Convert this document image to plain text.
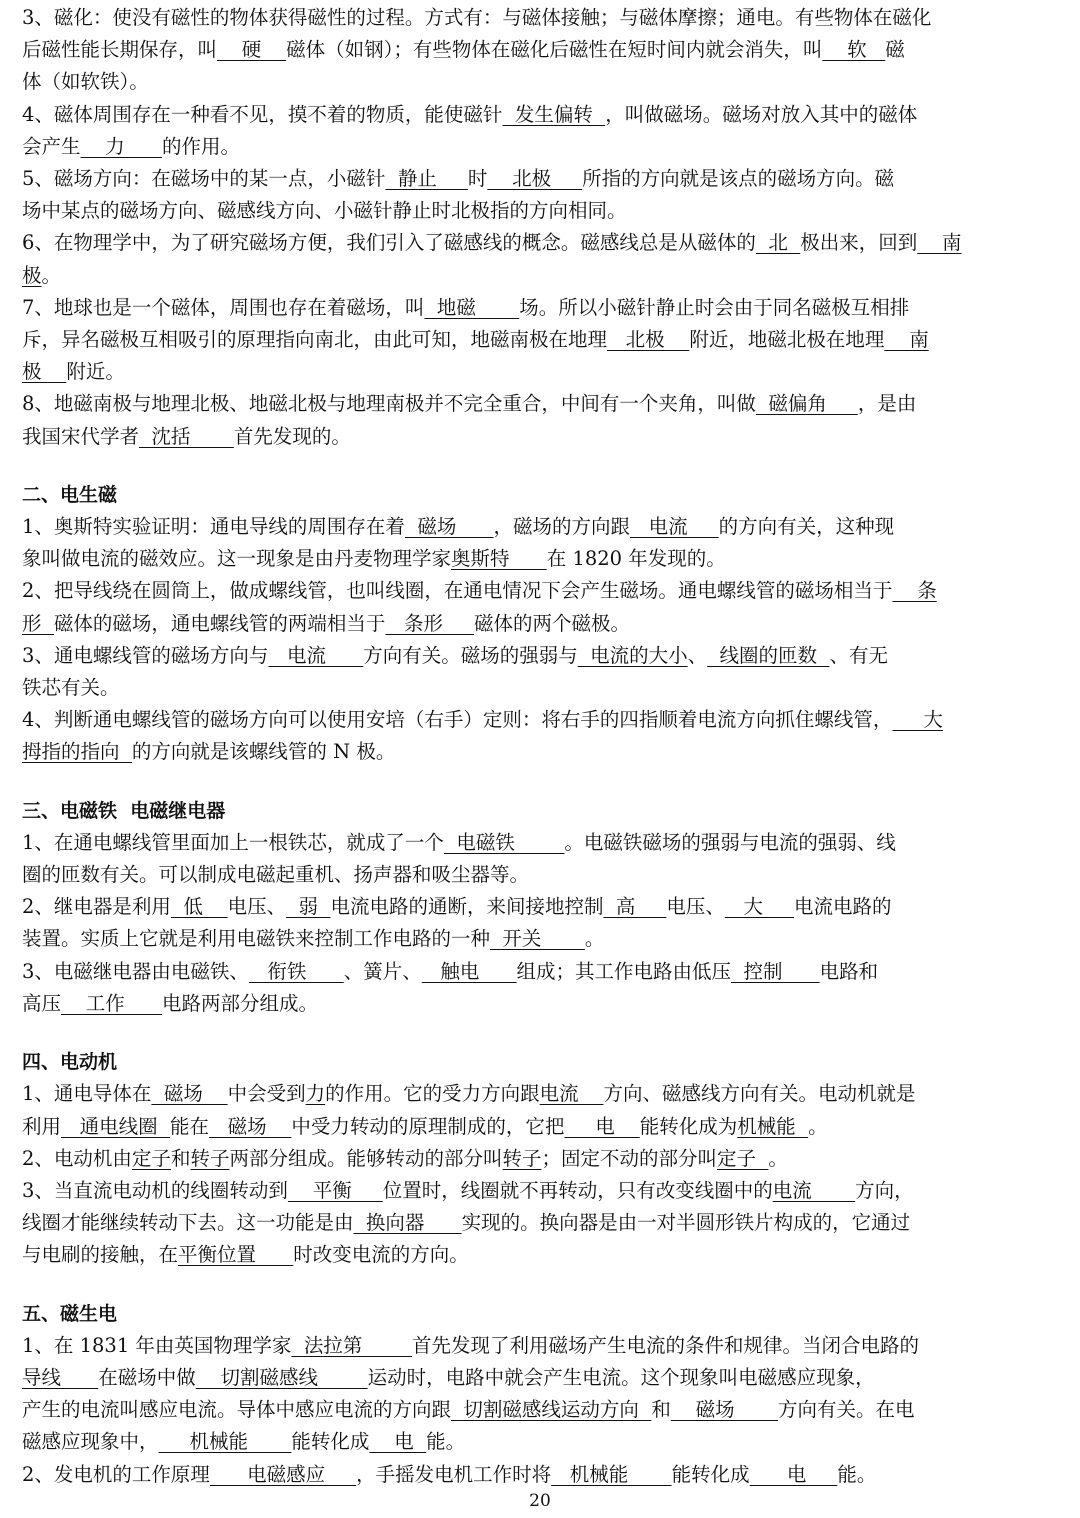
3、磁化：使没有磁性的物体获得磁性的过程。方式有：与磁体接触；与磁体摩擦；通电。有些物体在磁化
后磁性能长期保存，叫    硬    磁体（如钢）；有些物体在磁化后磁性在短时间内就会消失，叫    软   磁
体（如软铁）。
4、磁体周围存在一种看不见，摸不着的物质，能使磁针  发生偏转  ，叫做磁场。磁场对放入其中的磁体
会产生    力      的作用。
5、磁场方向：在磁场中的某一点，小磁针  静止     时    北极     所指的方向就是该点的磁场方向。磁
场中某点的磁场方向、磁感线方向、小磁针静止时北极指的方向相同。
6、在物理学中，为了研究磁场方便，我们引入了磁感线的概念。磁感线总是从磁体的  北  极出来，回到    南
极。
7、地球也是一个磁体，周围也存在着磁场，叫  地磁       场。所以小磁针静止时会由于同名磁极互相排
斥，异名磁极互相吸引的原理指向南北，由此可知，地磁南极在地理   北极    附近，地磁北极在地理    南
极 附近。
8、地磁南极与地理北极、地磁北极与地理南极并不完全重合，中间有一个夹角，叫做  磁偏角     ，是由
我国宋代学者  沈括       首先发现的。
二、电生磁
1、奥斯特实验证明：通电导线的周围存在着  磁场      ，磁场的方向跟   电流     的方向有关，这种现
象叫做电流的磁效应。这一现象是由丹麦物理学家奥斯特      在 1820 年发现的。
2、把导线绕在圆筒上，做成螺线管，也叫线圈，在通电情况下会产生磁场。通电螺线管的磁场相当于    条
形 磁体的磁场，通电螺线管的两端相当于   条形     磁体的两个磁极。
3、通电螺线管的磁场方向与   电流      方向有关。磁场的强弱与  电流的大小、  线圈的匝数  、有无
铁芯有关。
4、判断通电螺线管的磁场方向可以使用安培（右手）定则：将右手的四指顺着电流方向抓住螺线管，     大
拇指的指向 的方向就是该螺线管的 N 极。
三、电磁铁  电磁继电器
1、在通电螺线管里面加上一根铁芯，就成了一个  电磁铁        。电磁铁磁场的强弱与电流的强弱、线
圈的匝数有关。可以制成电磁起重机、扬声器和吸尘器等。
2、继电器是利用  低    电压、  弱  电流电路的通断，来间接地控制  高     电压、   大     电流电路的
装置。实质上它就是利用电磁铁来控制工作电路的一种  开关       。
3、电磁继电器由电磁铁、   衔铁      、簧片、   触电      组成；其工作电路由低压  控制      电路和
高压    工作      电路两部分组成。
四、电动机
1、通电导体在  磁场    中会受到力的作用。它的受力方向跟电流    方向、磁感线方向有关。电动机就是
利用   通电线圈  能在   磁场    中受力转动的原理制成的，它把     电    能转化成为机械能  。
2、电动机由定子和转子两部分组成。能够转动的部分叫转子；固定不动的部分叫定子  。
3、当直流电动机的线圈转动到    平衡     位置时，线圈就不再转动，只有改变线圈中的电流       方向，
线圈才能继续转动下去。这一功能是由  换向器      实现的。换向器是由一对半圆形铁片构成的，它通过
与电刷的接触，在平衡位置      时改变电流的方向。
五、磁生电
1、在 1831 年由英国物理学家  法拉第        首先发现了利用磁场产生电流的条件和规律。当闭合电路的
导线 在磁场中做    切割磁感线        运动时，电路中就会产生电流。这个现象叫电磁感应现象，
产生的电流叫感应电流。导体中感应电流的方向跟  切割磁感线运动方向  和    磁场       方向有关。在电
磁感应现象中，     机械能       能转化成    电  能。
2、发电机的工作原理      电磁感应     ，手摇发电机工作时将   机械能       能转化成      电     能。
20
